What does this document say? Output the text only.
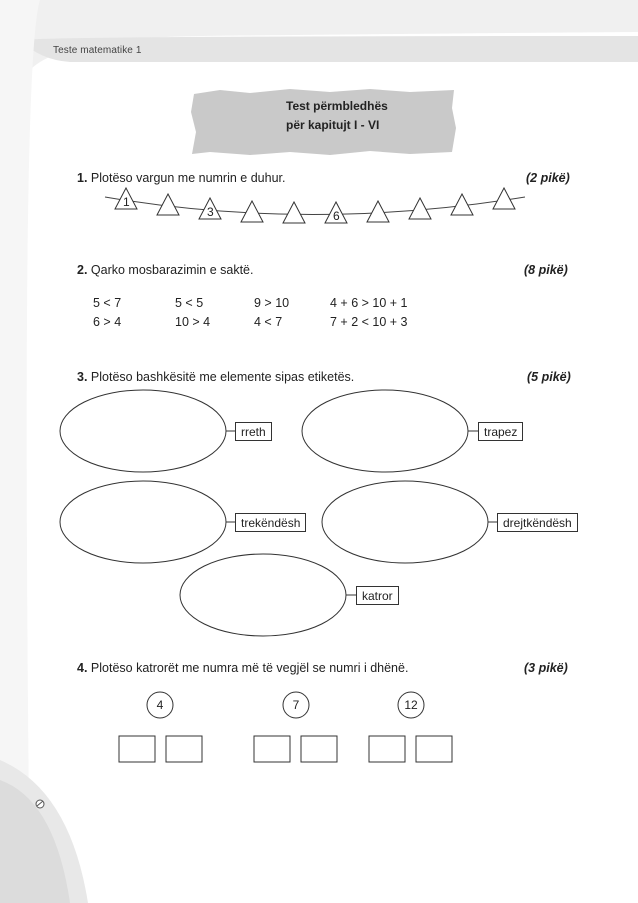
Teste matematike 1
Test përmbledhës
për kapitujt I - VI
1. Plotëso vargun me numrin e duhur.	(2 pikë)
1
3	6
2. Qarko mosbarazimin e saktë.	(8 pikë)
5 < 7	5 < 5	9 > 10	4 + 6 > 10 + 1
6 > 4	10 > 4	4 < 7	7 + 2 < 10 + 3
3. Plotëso bashkësitë me elemente sipas etiketës.	(5 pikë)
rreth	trapez
trekëndësh	drejtkëndësh
katror
4. Plotëso katrorët me numra më të vegjël se numri i dhënë.	(3 pikë)
4	7	12
